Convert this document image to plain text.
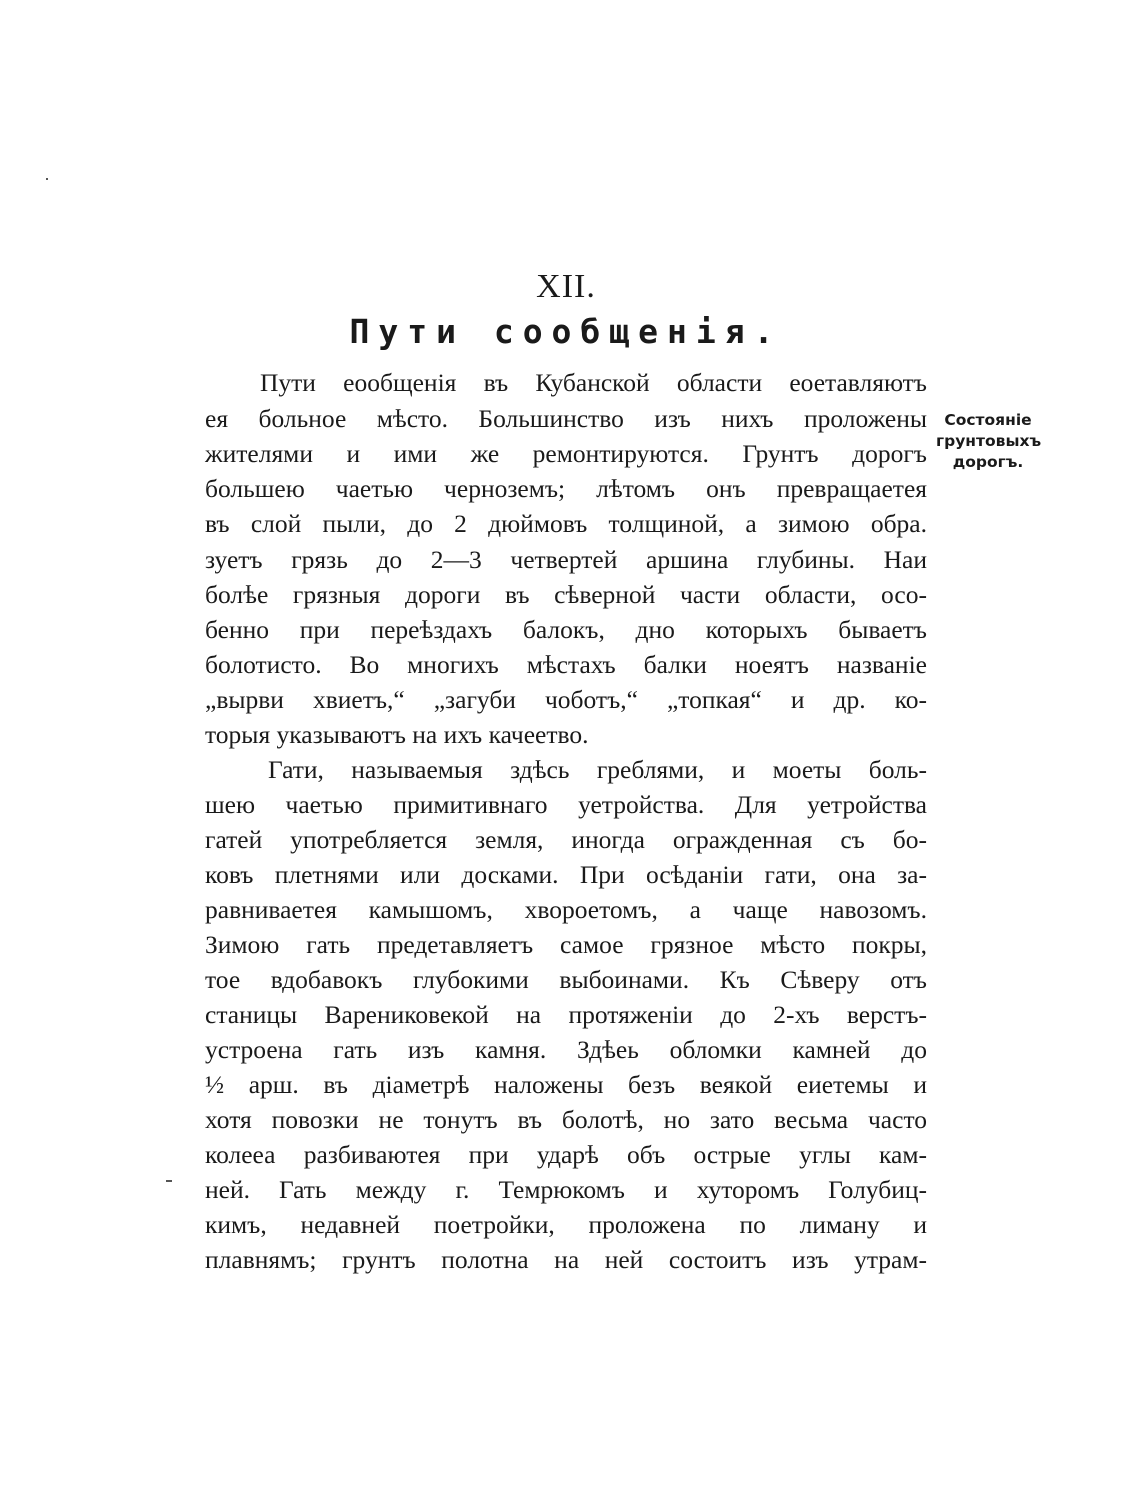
XII.
Пути сообщенія.
Состояніе
грунтовыхъ
дорогъ.
Пути еообщенія въ Кубанской области еоетавляютъ
ея больное мѣсто. Большинство изъ нихъ проложены
жителями и ими же ремонтируются. Грунтъ дорогъ
большею чаетью черноземъ; лѣтомъ онъ превращаетея
въ слой пыли, до 2 дюймовъ толщиной, а зимою обра.
зуетъ грязь до 2—3 четвертей аршина глубины. Наи
болѣе грязныя дороги въ сѣверной части области, осо-
бенно при переѣздахъ балокъ, дно которыхъ бываетъ
болотисто. Во многихъ мѣстахъ балки ноеятъ названіе
„вырви хвиетъ,“ „загуби чоботъ,“ „топкая“ и др. ко-
торыя указываютъ на ихъ качеетво.
Гати, называемыя здѣсь греблями, и моеты боль-
шею чаетью примитивнаго уетройства. Для уетройства
гатей употребляется земля, иногда огражденная съ бо-
ковъ плетнями или досками. При осѣданіи гати, она за-
равниваетея камышомъ, хвороетомъ, а чаще навозомъ.
Зимою гать предетавляетъ самое грязное мѣсто покры,
тое вдобавокъ глубокими выбоинами. Къ Сѣверу отъ
станицы Варениковекой на протяженіи до 2-хъ верстъ-
устроена гать изъ камня. Здѣеь обломки камней до
½ арш. въ діаметрѣ наложены безъ веякой еиетемы и
хотя повозки не тонутъ въ болотѣ, но зато весьма часто
колееа разбиваютея при ударѣ объ острые углы кам-
ней. Гать между г. Темрюкомъ и хуторомъ Голубиц-
кимъ, недавней поетройки, проложена по лиману и
плавнямъ; грунтъ полотна на ней состоитъ изъ утрам-
